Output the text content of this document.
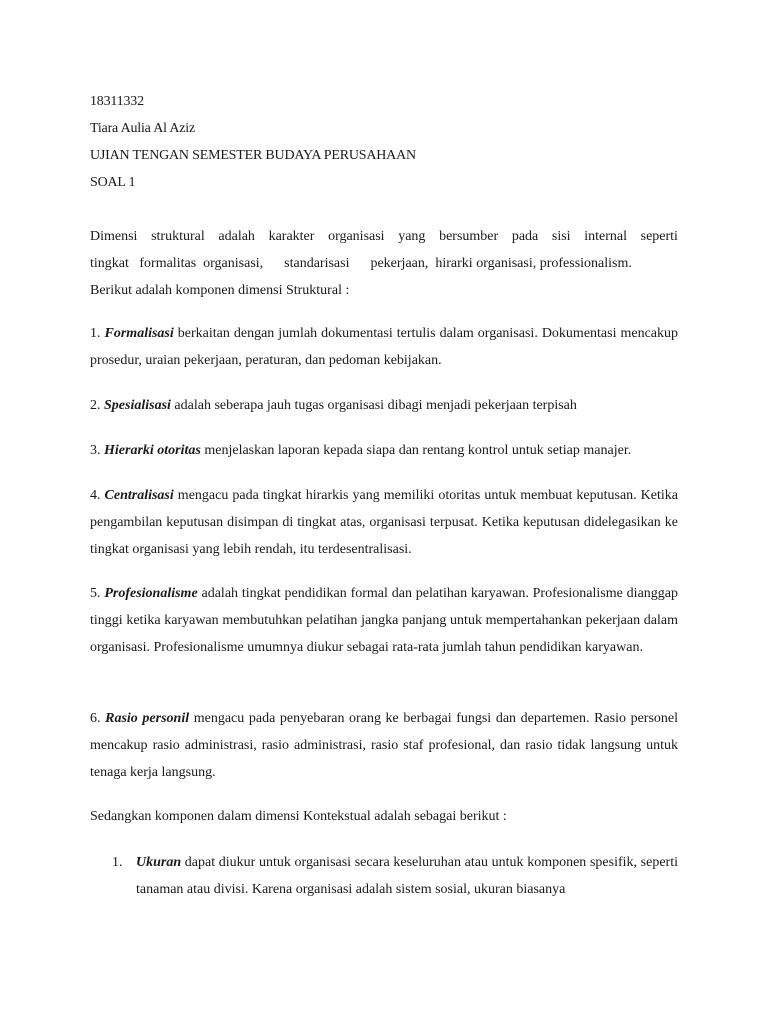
18311332
Tiara Aulia Al Aziz
UJIAN TENGAN SEMESTER BUDAYA PERUSAHAAN
SOAL 1
Dimensi struktural adalah karakter organisasi yang bersumber pada sisi internal seperti
tingkat   formalitas  organisasi,      standarisasi      pekerjaan,  hirarki organisasi, professionalism.
Berikut adalah komponen dimensi Struktural :

1. Formalisasi berkaitan dengan jumlah dokumentasi tertulis dalam organisasi. Dokumentasi mencakup prosedur, uraian pekerjaan, peraturan, dan pedoman kebijakan.

2. Spesialisasi adalah seberapa jauh tugas organisasi dibagi menjadi pekerjaan terpisah

3. Hierarki otoritas menjelaskan laporan kepada siapa dan rentang kontrol untuk setiap manajer.

4. Centralisasi mengacu pada tingkat hirarkis yang memiliki otoritas untuk membuat keputusan. Ketika pengambilan keputusan disimpan di tingkat atas, organisasi terpusat. Ketika keputusan didelegasikan ke tingkat organisasi yang lebih rendah, itu terdesentralisasi.

5. Profesionalisme adalah tingkat pendidikan formal dan pelatihan karyawan. Profesionalisme dianggap tinggi ketika karyawan membutuhkan pelatihan jangka panjang untuk mempertahankan pekerjaan dalam organisasi. Profesionalisme umumnya diukur sebagai rata-rata jumlah tahun pendidikan karyawan.

6. Rasio personil mengacu pada penyebaran orang ke berbagai fungsi dan departemen. Rasio personel mencakup rasio administrasi, rasio administrasi, rasio staf profesional, dan rasio tidak langsung untuk tenaga kerja langsung.

Sedangkan komponen dalam dimensi Kontekstual adalah sebagai berikut :

1. Ukuran dapat diukur untuk organisasi secara keseluruhan atau untuk komponen spesifik, seperti tanaman atau divisi. Karena organisasi adalah sistem sosial, ukuran biasanya
